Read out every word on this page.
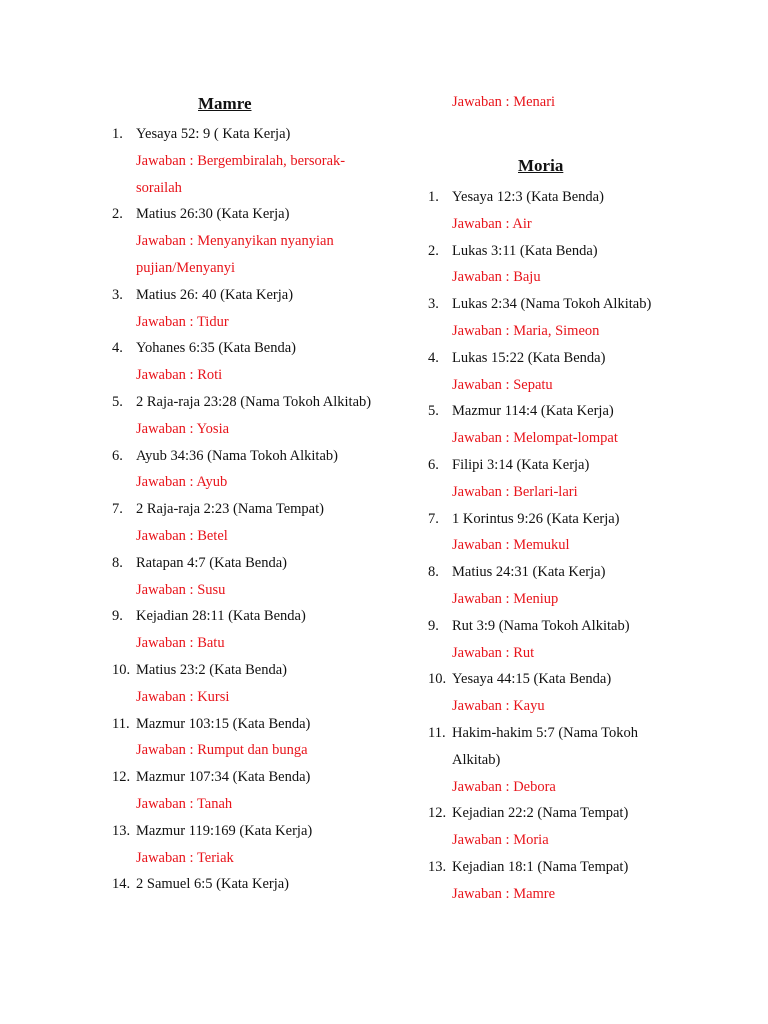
Mamre
1. Yesaya 52: 9 ( Kata Kerja)
Jawaban : Bergembiralah, bersorak-sorailah
2. Matius 26:30 (Kata Kerja)
Jawaban : Menyanyikan nyanyian pujian/Menyanyi
3. Matius 26: 40 (Kata Kerja)
Jawaban : Tidur
4. Yohanes 6:35 (Kata Benda)
Jawaban : Roti
5. 2 Raja-raja 23:28 (Nama Tokoh Alkitab)
Jawaban : Yosia
6. Ayub 34:36 (Nama Tokoh Alkitab)
Jawaban : Ayub
7. 2 Raja-raja 2:23 (Nama Tempat)
Jawaban : Betel
8. Ratapan 4:7 (Kata Benda)
Jawaban : Susu
9. Kejadian 28:11 (Kata Benda)
Jawaban : Batu
10. Matius 23:2 (Kata Benda)
Jawaban : Kursi
11. Mazmur 103:15 (Kata Benda)
Jawaban : Rumput dan bunga
12. Mazmur 107:34 (Kata Benda)
Jawaban : Tanah
13. Mazmur 119:169 (Kata Kerja)
Jawaban : Teriak
14. 2 Samuel 6:5 (Kata Kerja)

Jawaban : Menari

Moria
1. Yesaya 12:3 (Kata Benda)
Jawaban : Air
2. Lukas 3:11 (Kata Benda)
Jawaban : Baju
3. Lukas 2:34 (Nama Tokoh Alkitab)
Jawaban : Maria, Simeon
4. Lukas 15:22 (Kata Benda)
Jawaban : Sepatu
5. Mazmur 114:4 (Kata Kerja)
Jawaban : Melompat-lompat
6. Filipi 3:14 (Kata Kerja)
Jawaban : Berlari-lari
7. 1 Korintus 9:26 (Kata Kerja)
Jawaban : Memukul
8. Matius 24:31 (Kata Kerja)
Jawaban : Meniup
9. Rut 3:9 (Nama Tokoh Alkitab)
Jawaban : Rut
10. Yesaya 44:15 (Kata Benda)
Jawaban : Kayu
11. Hakim-hakim 5:7 (Nama Tokoh Alkitab)
Jawaban : Debora
12. Kejadian 22:2 (Nama Tempat)
Jawaban : Moria
13. Kejadian 18:1 (Nama Tempat)
Jawaban : Mamre
